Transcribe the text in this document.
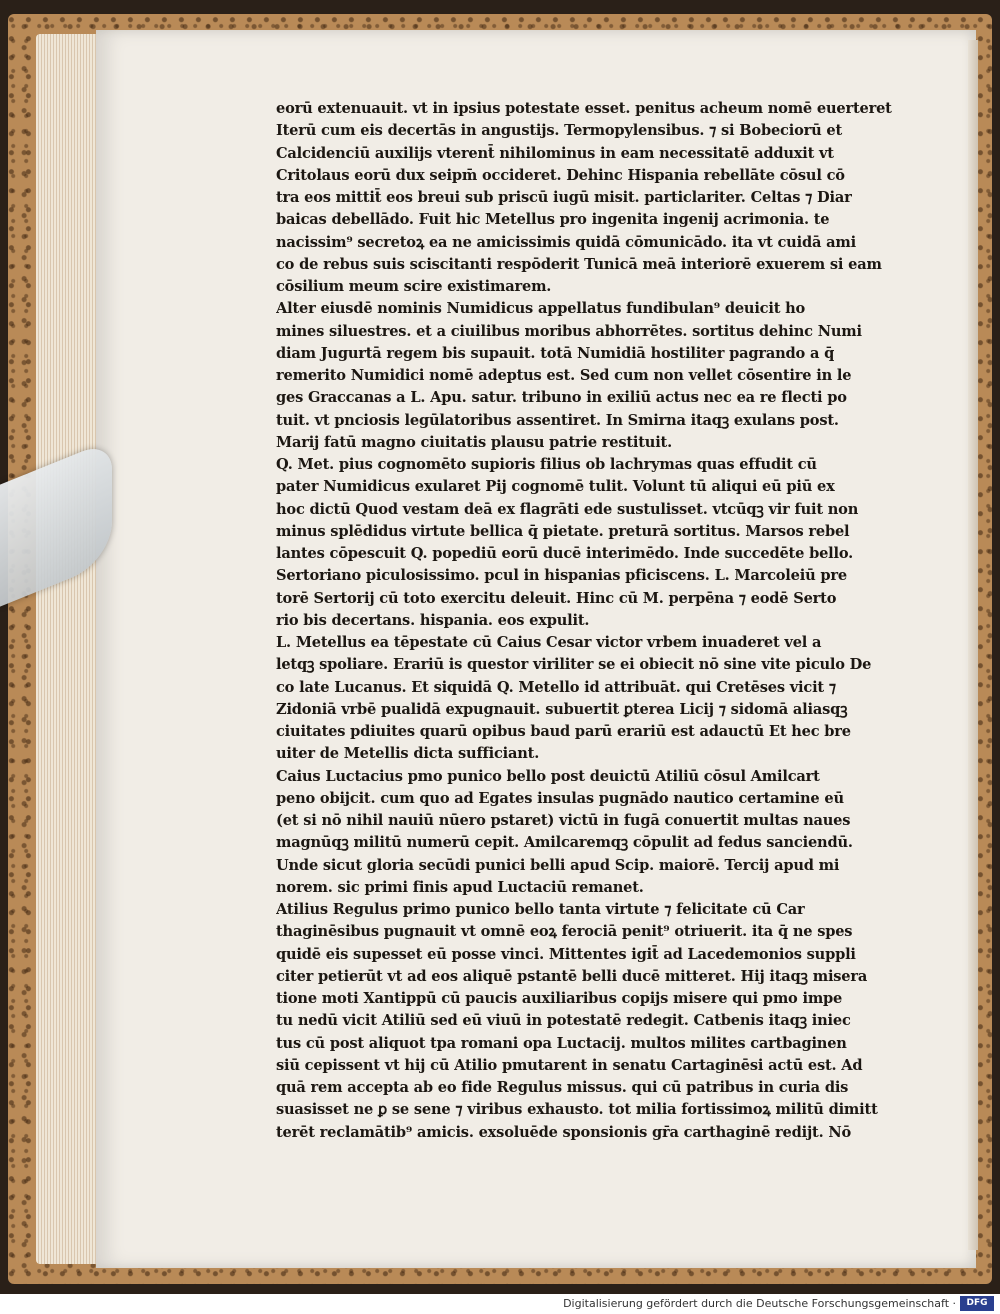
eorū extenuauit. vt in ipsius potestate esset. penitus acheum nomē euerteret
Iterū cum eis decertās in angustijs. Termopylensibus. ⁊ si Bobeciorū et
Calcidenciū auxilijs vterent̄ nihilominus in eam necessitatē adduxit vt
Critolaus eorū dux seipm̄ occideret. Dehinc Hispania rebellāte cōsul cō
tra eos mittit̄ eos breui sub priscū iugū misit. particlariter. Celtas ⁊ Diar
baicas debellādo. Fuit hic Metellus pro ingenita ingenij acrimonia. te
nacissim⁹ secretoꝝ ea ne amicissimis quidā cōmunicādo. ita vt cuidā ami
co de rebus suis sciscitanti respōderit Tunicā meā interiorē exuerem si eam
cōsilium meum scire existimarem.
Alter eiusdē nominis Numidicus appellatus fundibulan⁹ deuicit ho
mines siluestres. et a ciuilibus moribus abhorrētes. sortitus dehinc Numi
diam Jugurtā regem bis supauit. totā Numidiā hostiliter pagrando a q̄
remerito Numidici nomē adeptus est. Sed cum non vellet cōsentire in le
ges Graccanas a L. Apu. satur. tribuno in exiliū actus nec ea re flecti po
tuit. vt pnciosis legūlatoribus assentiret. In Smirna itaqꝫ exulans post.
Marij fatū magno ciuitatis plausu patrie restituit.
Q. Met. pius cognomēto supioris filius ob lachrymas quas effudit cū
pater Numidicus exularet Pij cognomē tulit. Volunt tū aliqui eū piū ex
hoc dictū Quod vestam deā ex flagrāti ede sustulisset. vtcūqꝫ vir fuit non
minus splēdidus virtute bellica q̄ pietate. preturā sortitus. Marsos rebel
lantes cōpescuit Q. popediū eorū ducē interimēdo. Inde succedēte bello.
Sertoriano piculosissimo. pcul in hispanias pficiscens. L. Marcoleiū pre
torē Sertorij cū toto exercitu deleuit. Hinc cū M. perpēna ⁊ eodē Serto
rio bis decertans. hispania. eos expulit.
L. Metellus ea tēpestate cū Caius Cesar victor vrbem inuaderet vel a
letqꝫ spoliare. Erariū is questor viriliter se ei obiecit nō sine vite piculo De
co late Lucanus. Et siquidā Q. Metello id attribuāt. qui Cretēses vicit ⁊
Zidoniā vrbē pualidā expugnauit. subuertit ꝑterea Licij ⁊ sidomā aliasqꝫ
ciuitates pdiuites quarū opibus baud parū erariū est adauctū Et hec bre
uiter de Metellis dicta sufficiant.
Caius Luctacius pmo punico bello post deuictū Atiliū cōsul Amilcart
peno obijcit. cum quo ad Egates insulas pugnādo nautico certamine eū
(et si nō nihil nauiū nūero pstaret) victū in fugā conuertit multas naues
magnūqꝫ militū numerū cepit. Amilcaremqꝫ cōpulit ad fedus sanciendū.
Unde sicut gloria secūdi punici belli apud Scip. maiorē. Tercij apud mi
norem. sic primi finis apud Luctaciū remanet.
Atilius Regulus primo punico bello tanta virtute ⁊ felicitate cū Car
thaginēsibus pugnauit vt omnē eoꝝ ferociā penit⁹ otriuerit. ita q̄ ne spes
quidē eis supesset eū posse vinci. Mittentes igit̄ ad Lacedemonios suppli
citer petierūt vt ad eos aliquē pstantē belli ducē mitteret. Hij itaqꝫ misera
tione moti Xantippū cū paucis auxiliaribus copijs misere qui pmo impe
tu nedū vicit Atiliū sed eū viuū in potestatē redegit. Catbenis itaqꝫ iniec
tus cū post aliquot tpa romani opa Luctacij. multos milites cartbaginen
siū cepissent vt hij cū Atilio pmutarent in senatu Cartaginēsi actū est. Ad
quā rem accepta ab eo fide Regulus missus. qui cū patribus in curia dis
suasisset ne ꝑ se sene ⁊ viribus exhausto. tot milia fortissimoꝝ militū dimitt
terēt reclamātib⁹ amicis. exsoluēde sponsionis gr̄a carthaginē redijt. Nō
Digitalisierung gefördert durch die Deutsche Forschungsgemeinschaft ·	DFG
